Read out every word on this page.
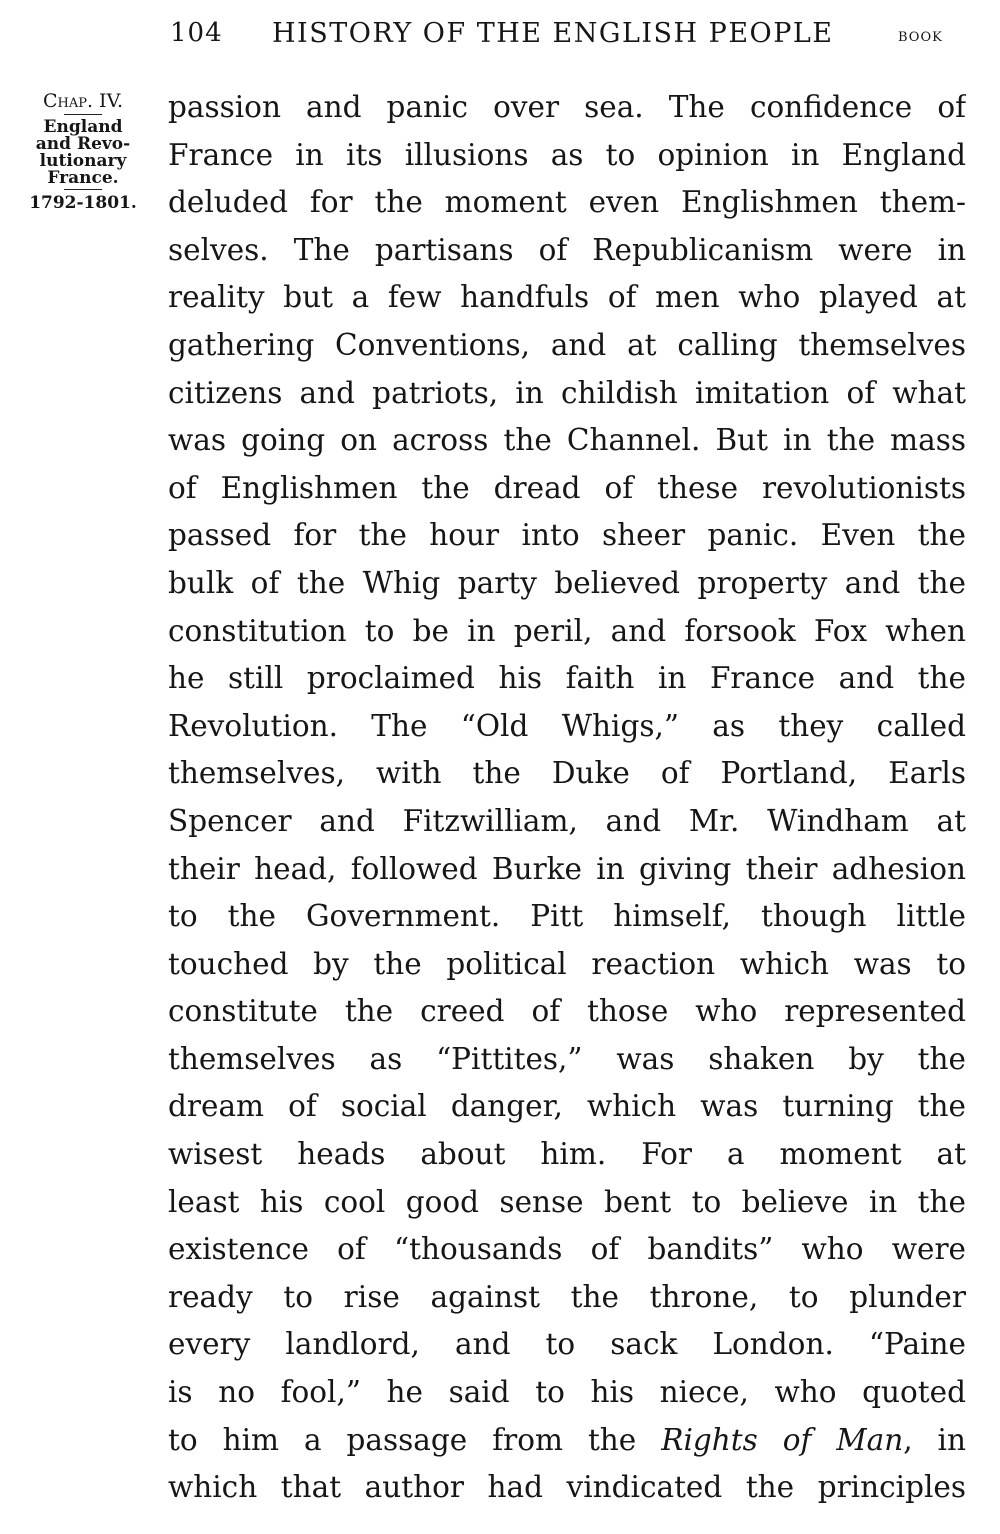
104 HISTORY OF THE ENGLISH PEOPLE	book
Chap. IV.
England
and Revo-
lutionary
France.
1792-1801.
passion and panic over sea. The confidence of
France in its illusions as to opinion in England
deluded for the moment even Englishmen them-
selves. The partisans of Republicanism were in
reality but a few handfuls of men who played at
gathering Conventions, and at calling themselves
citizens and patriots, in childish imitation of what
was going on across the Channel. But in the mass
of Englishmen the dread of these revolutionists
passed for the hour into sheer panic. Even the
bulk of the Whig party believed property and the
constitution to be in peril, and forsook Fox when
he still proclaimed his faith in France and the
Revolution. The “Old Whigs,” as they called
themselves, with the Duke of Portland, Earls
Spencer and Fitzwilliam, and Mr. Windham at
their head, followed Burke in giving their adhesion
to the Government. Pitt himself, though little
touched by the political reaction which was to
constitute the creed of those who represented
themselves as “Pittites,” was shaken by the
dream of social danger, which was turning the
wisest heads about him. For a moment at
least his cool good sense bent to believe in the
existence of “thousands of bandits” who were
ready to rise against the throne, to plunder
every landlord, and to sack London. “Paine
is no fool,” he said to his niece, who quoted
to him a passage from the Rights of Man, in
which that author had vindicated the principles
